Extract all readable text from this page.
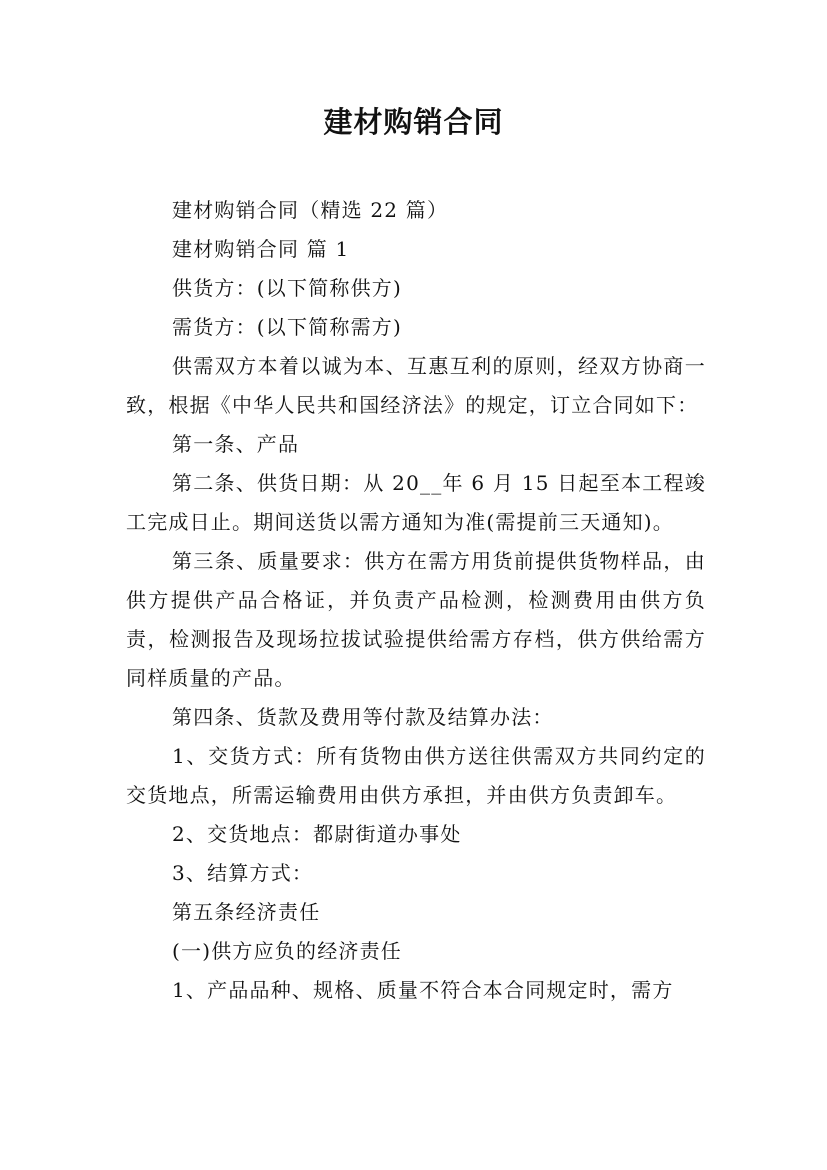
建材购销合同

建材购销合同（精选 22 篇）

建材购销合同 篇 1

供货方：(以下简称供方)

需货方：(以下简称需方)

供需双方本着以诚为本、互惠互利的原则，经双方协商一致，根据《中华人民共和国经济法》的规定，订立合同如下：

第一条、产品

第二条、供货日期：从 20__年 6 月 15 日起至本工程竣工完成日止。期间送货以需方通知为准(需提前三天通知)。

第三条、质量要求：供方在需方用货前提供货物样品，由供方提供产品合格证，并负责产品检测，检测费用由供方负责，检测报告及现场拉拔试验提供给需方存档，供方供给需方同样质量的产品。

第四条、货款及费用等付款及结算办法：

1、交货方式：所有货物由供方送往供需双方共同约定的交货地点，所需运输费用由供方承担，并由供方负责卸车。

2、交货地点：都尉街道办事处

3、结算方式：

第五条经济责任

(一)供方应负的经济责任

1、产品品种、规格、质量不符合本合同规定时，需方
